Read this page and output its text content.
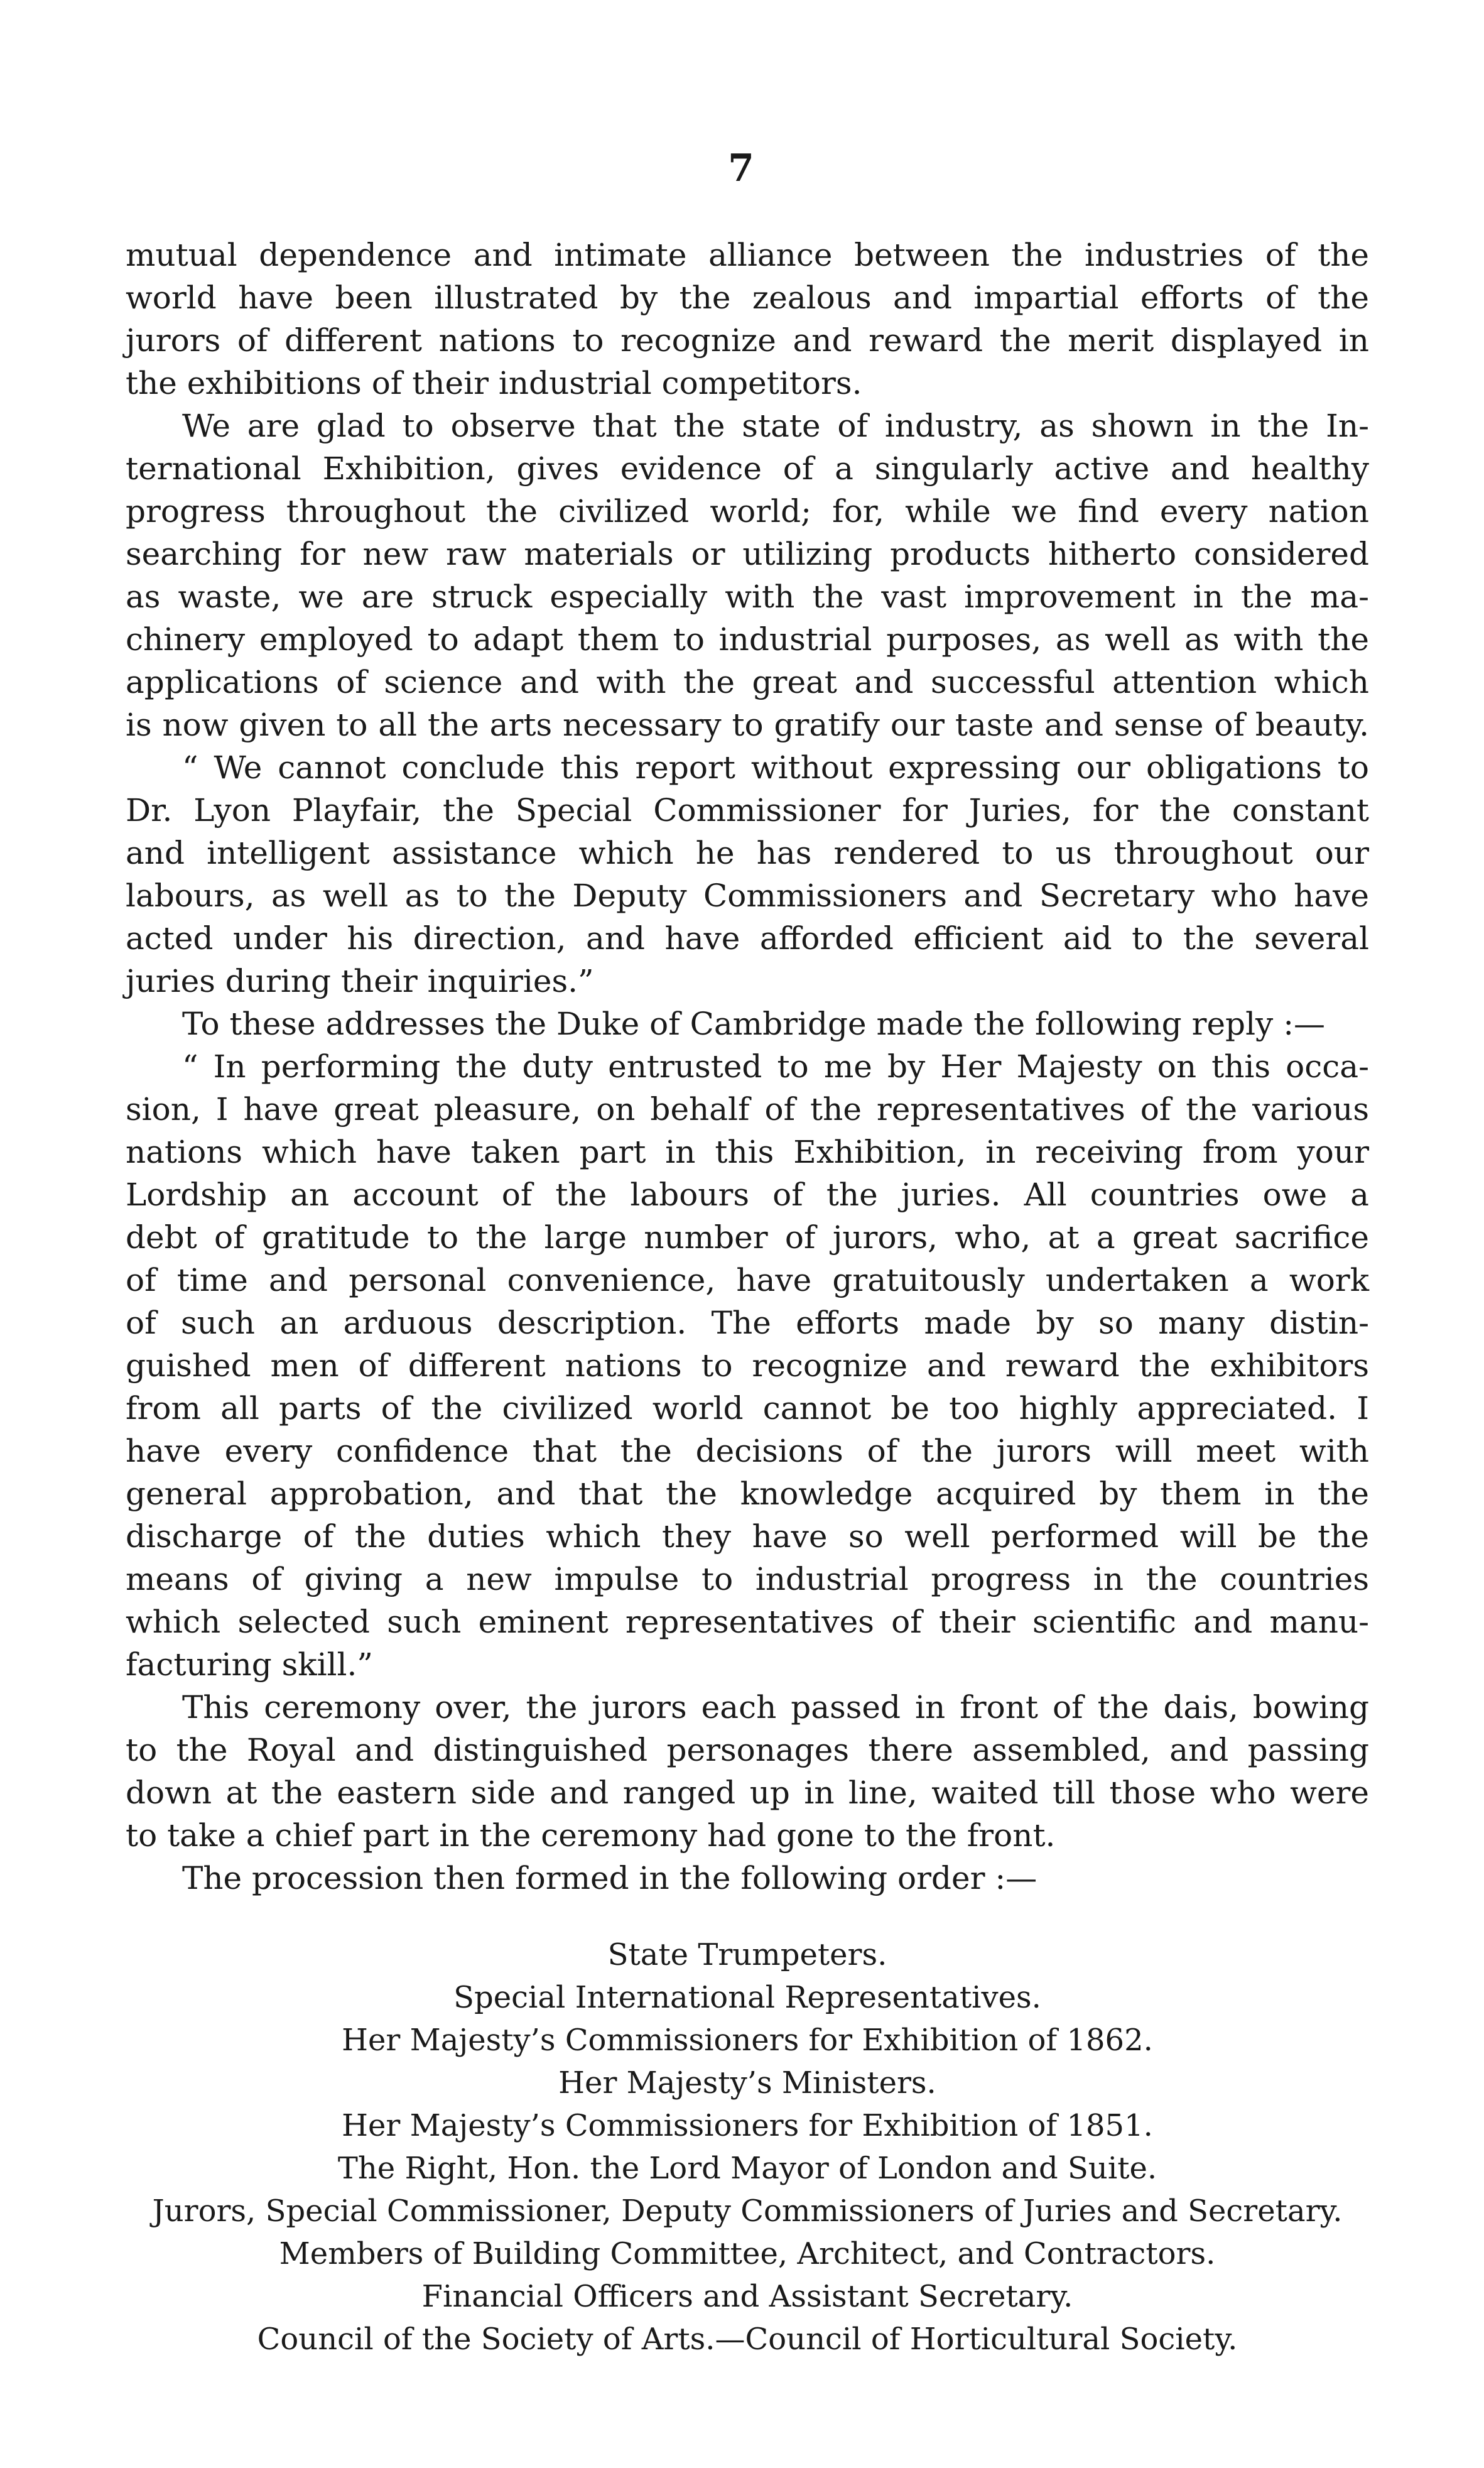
7
mutual dependence and intimate alliance between the industries of the
world have been illustrated by the zealous and impartial efforts of the
jurors of different nations to recognize and reward the merit displayed in
the exhibitions of their industrial competitors.
We are glad to observe that the state of industry, as shown in the In-
ternational Exhibition, gives evidence of a singularly active and healthy
progress throughout the civilized world; for, while we find every nation
searching for new raw materials or utilizing products hitherto considered
as waste, we are struck especially with the vast improvement in the ma-
chinery employed to adapt them to industrial purposes, as well as with the
applications of science and with the great and successful attention which
is now given to all the arts necessary to gratify our taste and sense of beauty.
“ We cannot conclude this report without expressing our obligations to
Dr. Lyon Playfair, the Special Commissioner for Juries, for the constant
and intelligent assistance which he has rendered to us throughout our
labours, as well as to the Deputy Commissioners and Secretary who have
acted under his direction, and have afforded efficient aid to the several
juries during their inquiries.”
To these addresses the Duke of Cambridge made the following reply :—
“ In performing the duty entrusted to me by Her Majesty on this occa-
sion, I have great pleasure, on behalf of the representatives of the various
nations which have taken part in this Exhibition, in receiving from your
Lordship an account of the labours of the juries. All countries owe a
debt of gratitude to the large number of jurors, who, at a great sacrifice
of time and personal convenience, have gratuitously undertaken a work
of such an arduous description. The efforts made by so many distin-
guished men of different nations to recognize and reward the exhibitors
from all parts of the civilized world cannot be too highly appreciated. I
have every confidence that the decisions of the jurors will meet with
general approbation, and that the knowledge acquired by them in the
discharge of the duties which they have so well performed will be the
means of giving a new impulse to industrial progress in the countries
which selected such eminent representatives of their scientific and manu-
facturing skill.”
This ceremony over, the jurors each passed in front of the dais, bowing
to the Royal and distinguished personages there assembled, and passing
down at the eastern side and ranged up in line, waited till those who were
to take a chief part in the ceremony had gone to the front.
The procession then formed in the following order :—
State Trumpeters.
Special International Representatives.
Her Majesty’s Commissioners for Exhibition of 1862.
Her Majesty’s Ministers.
Her Majesty’s Commissioners for Exhibition of 1851.
The Right, Hon. the Lord Mayor of London and Suite.
Jurors, Special Commissioner, Deputy Commissioners of Juries and Secretary.
Members of Building Committee, Architect, and Contractors.
Financial Officers and Assistant Secretary.
Council of the Society of Arts.—Council of Horticultural Society.
